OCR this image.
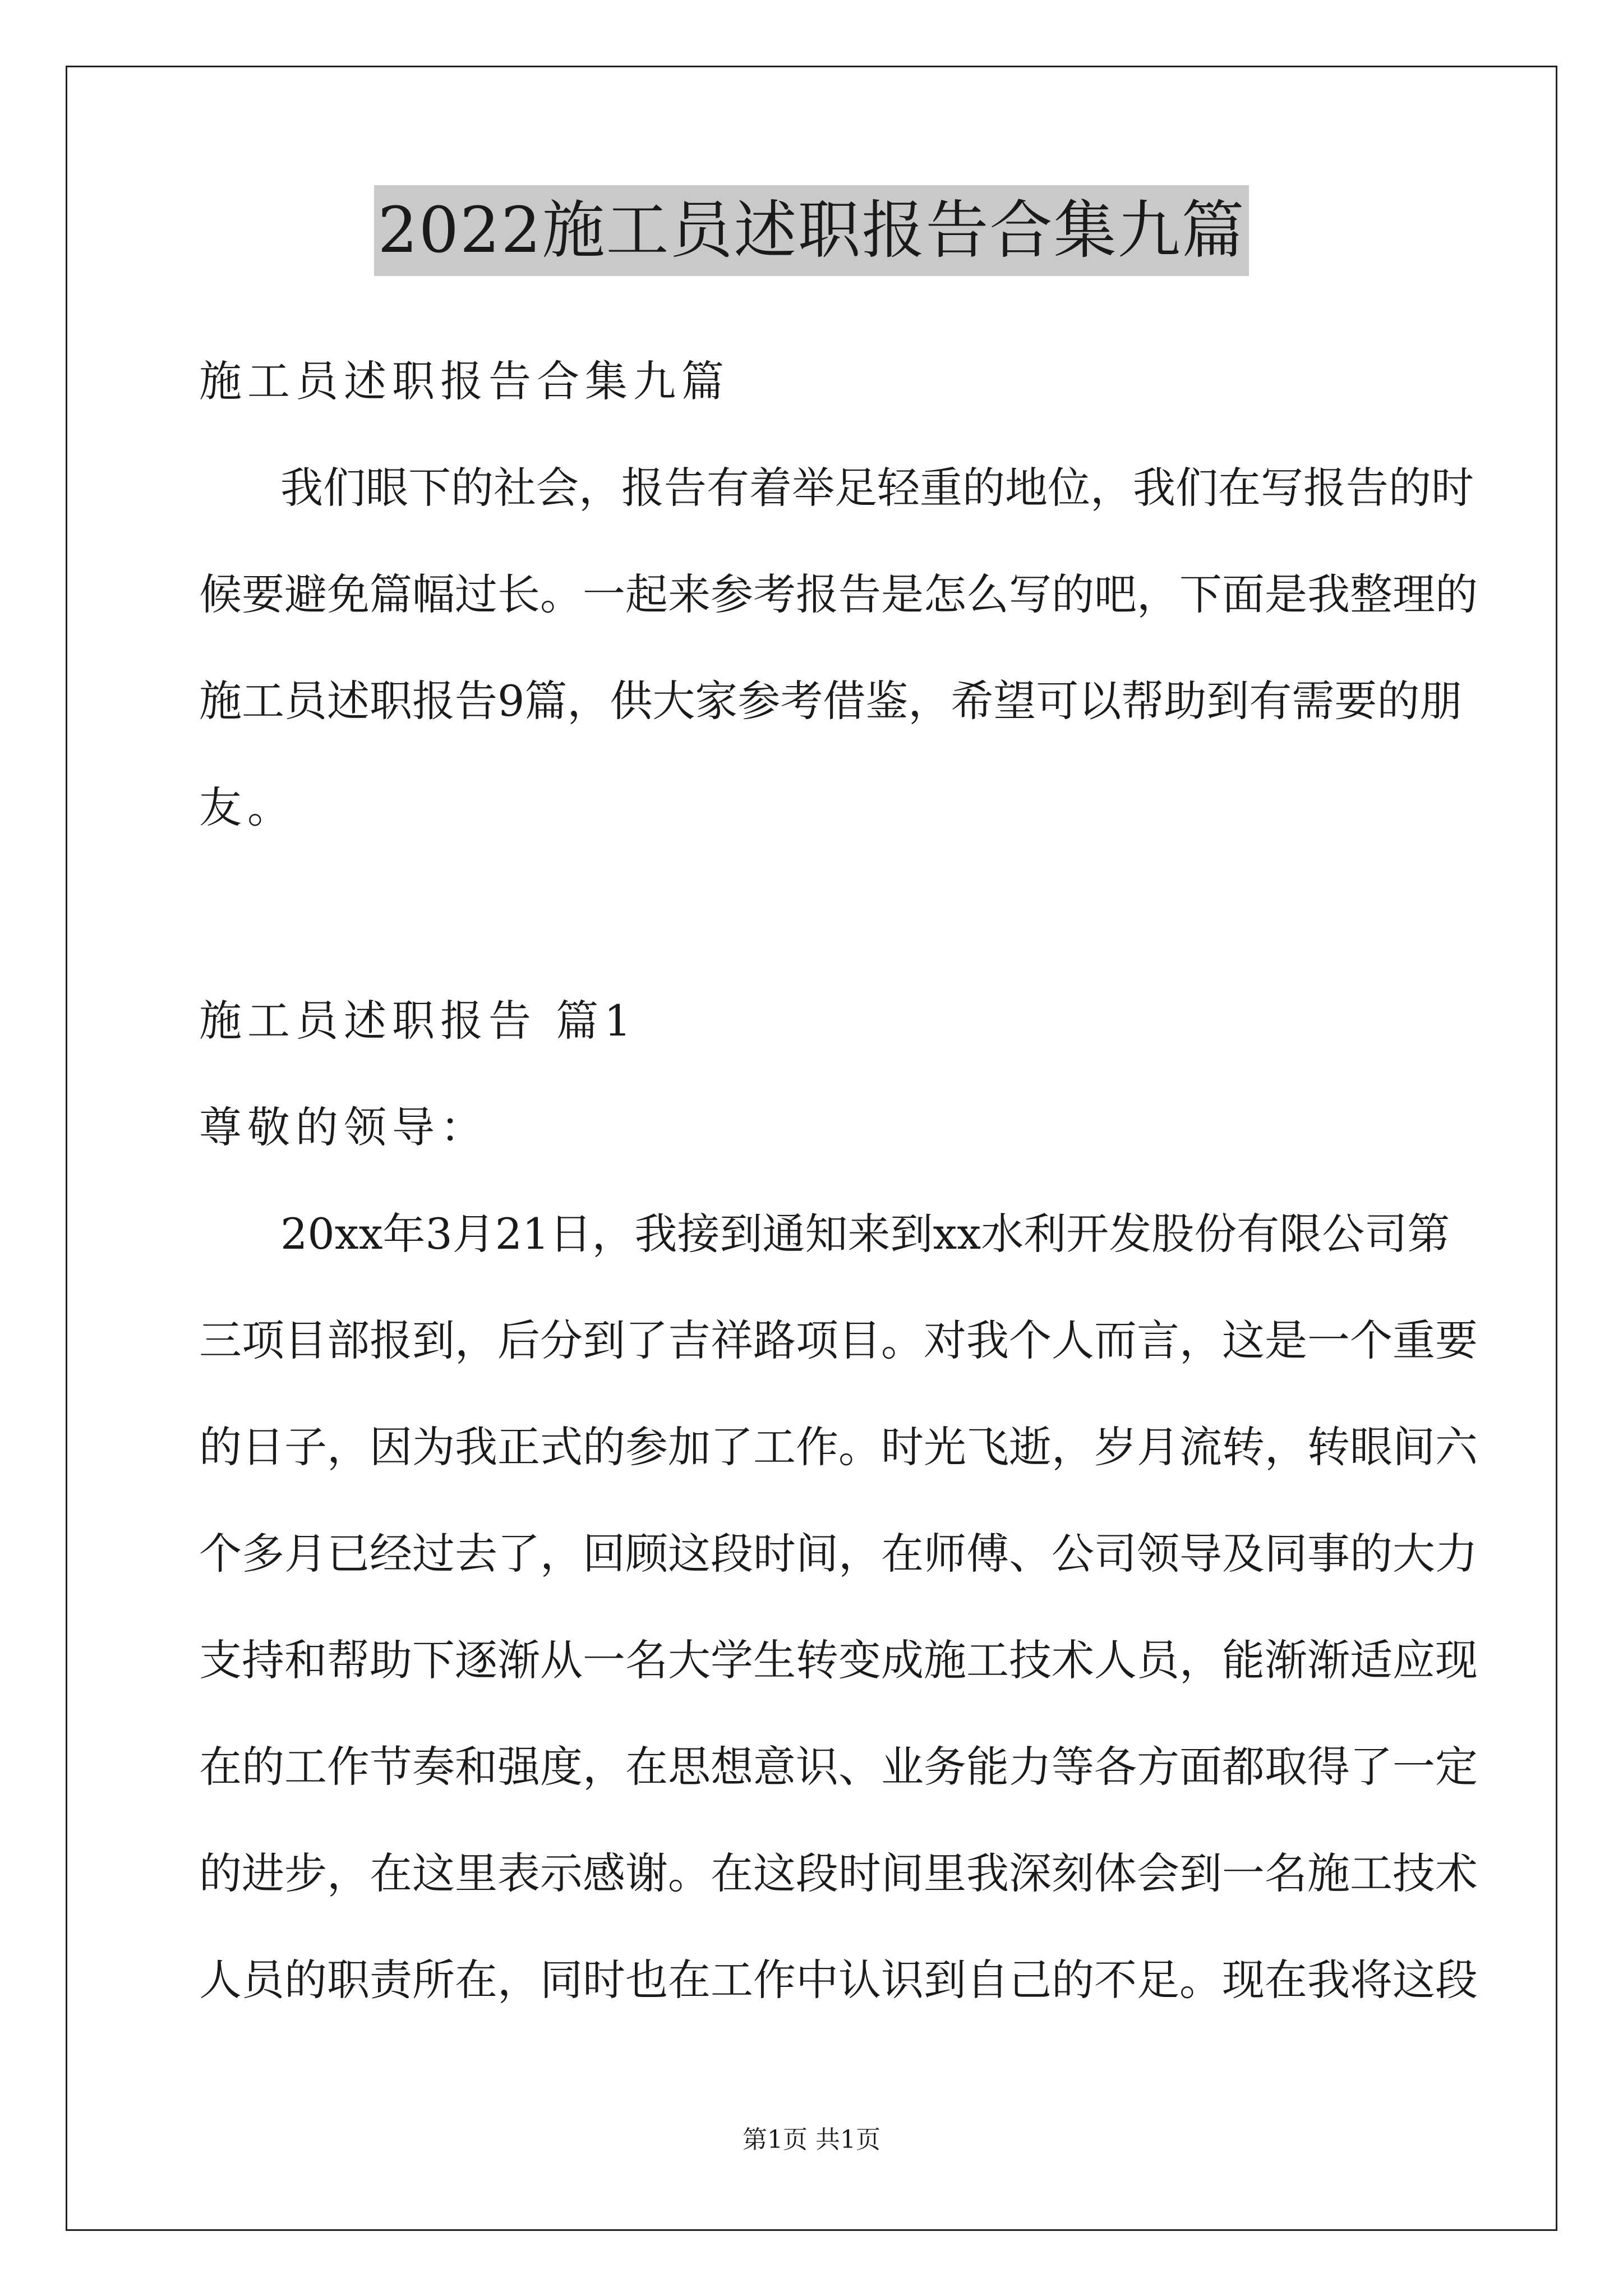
2022施工员述职报告合集九篇

施工员述职报告合集九篇

我们眼下的社会，报告有着举足轻重的地位，我们在写报告的时

候要避免篇幅过长。一起来参考报告是怎么写的吧，下面是我整理的

施工员述职报告9篇，供大家参考借鉴，希望可以帮助到有需要的朋

友。

施工员述职报告 篇1

尊敬的领导：

20xx年3月21日，我接到通知来到xx水利开发股份有限公司第

三项目部报到，后分到了吉祥路项目。对我个人而言，这是一个重要

的日子，因为我正式的参加了工作。时光飞逝，岁月流转，转眼间六

个多月已经过去了，回顾这段时间，在师傅、公司领导及同事的大力

支持和帮助下逐渐从一名大学生转变成施工技术人员，能渐渐适应现

在的工作节奏和强度，在思想意识、业务能力等各方面都取得了一定

的进步，在这里表示感谢。在这段时间里我深刻体会到一名施工技术

人员的职责所在，同时也在工作中认识到自己的不足。现在我将这段

第1页 共1页
